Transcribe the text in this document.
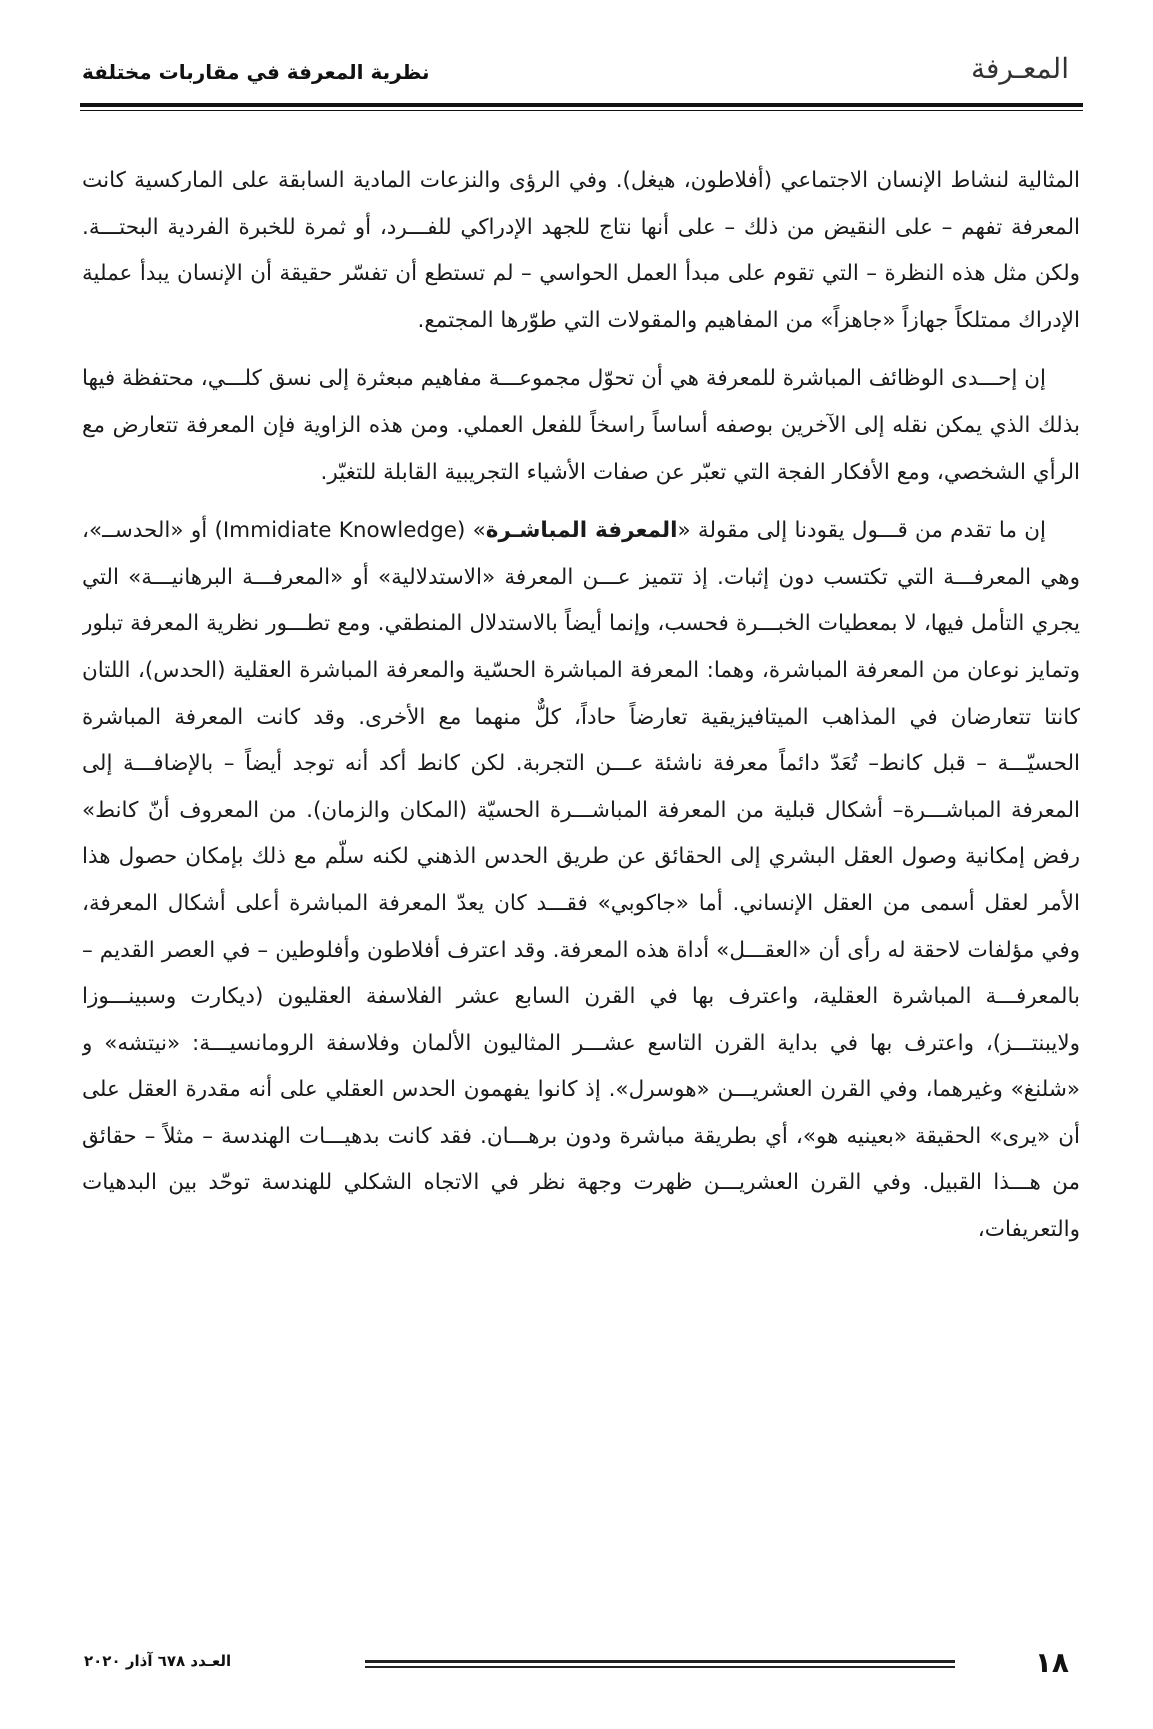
المعـرفة
نظرية المعرفة في مقاربات مختلفة

المثالية لنشاط الإنسان الاجتماعي (أفلاطون، هيغل). وفي الرؤى والنزعات المادية السابقة على الماركسية كانت المعرفة تفهم – على النقيض من ذلك – على أنها نتاج للجهد الإدراكي للفـــرد، أو ثمرة للخبرة الفردية البحتـــة. ولكن مثل هذه النظرة – التي تقوم على مبدأ العمل الحواسي – لم تستطع أن تفسّر حقيقة أن الإنسان يبدأ عملية الإدراك ممتلكاً جهازاً «جاهزاً» من المفاهيم والمقولات التي طوّرها المجتمع.

إن إحـــدى الوظائف المباشرة للمعرفة هي أن تحوّل مجموعـــة مفاهيم مبعثرة إلى نسق كلـــي، محتفظة فيها بذلك الذي يمكن نقله إلى الآخرين بوصفه أساساً راسخاً للفعل العملي. ومن هذه الزاوية فإن المعرفة تتعارض مع الرأي الشخصي، ومع الأفكار الفجة التي تعبّر عن صفات الأشياء التجريبية القابلة للتغيّر.

إن ما تقدم من قـــول يقودنا إلى مقولة «المعرفة المباشـرة» (Immidiate Knowledge) أو «الحدســ»، وهي المعرفـــة التي تكتسب دون إثبات. إذ تتميز عـــن المعرفة «الاستدلالية» أو «المعرفـــة البرهانيـــة» التي يجري التأمل فيها، لا بمعطيات الخبـــرة فحسب، وإنما أيضاً بالاستدلال المنطقي. ومع تطـــور نظرية المعرفة تبلور وتمايز نوعان من المعرفة المباشرة، وهما: المعرفة المباشرة الحسّية والمعرفة المباشرة العقلية (الحدس)، اللتان كانتا تتعارضان في المذاهب الميتافيزيقية تعارضاً حاداً، كلٌّ منهما مع الأخرى. وقد كانت المعرفة المباشرة الحسيّـــة – قبل كانط– تُعَدّ دائماً معرفة ناشئة عـــن التجربة. لكن كانط أكد أنه توجد أيضاً – بالإضافـــة إلى المعرفة المباشـــرة– أشكال قبلية من المعرفة المباشـــرة الحسيّة (المكان والزمان). من المعروف أنّ كانط» رفض إمكانية وصول العقل البشري إلى الحقائق عن طريق الحدس الذهني لكنه سلّم مع ذلك بإمكان حصول هذا الأمر لعقل أسمى من العقل الإنساني. أما «جاكوبي» فقـــد كان يعدّ المعرفة المباشرة أعلى أشكال المعرفة، وفي مؤلفات لاحقة له رأى أن «العقـــل» أداة هذه المعرفة. وقد اعترف أفلاطون وأفلوطين – في العصر القديم – بالمعرفـــة المباشرة العقلية، واعترف بها في القرن السابع عشر الفلاسفة العقليون (ديكارت وسبينـــوزا ولايبنتـــز)، واعترف بها في بداية القرن التاسع عشـــر المثاليون الألمان وفلاسفة الرومانسيـــة: «نيتشه» و «شلنغ» وغيرهما، وفي القرن العشريـــن «هوسرل». إذ كانوا يفهمون الحدس العقلي على أنه مقدرة العقل على أن «يرى» الحقيقة «بعينيه هو»، أي بطريقة مباشرة ودون برهـــان. فقد كانت بدهيـــات الهندسة – مثلاً – حقائق من هـــذا القبيل. وفي القرن العشريـــن ظهرت وجهة نظر في الاتجاه الشكلي للهندسة توحّد بين البدهيات والتعريفات،

١٨
العـدد ٦٧٨ آذار ٢٠٢٠
